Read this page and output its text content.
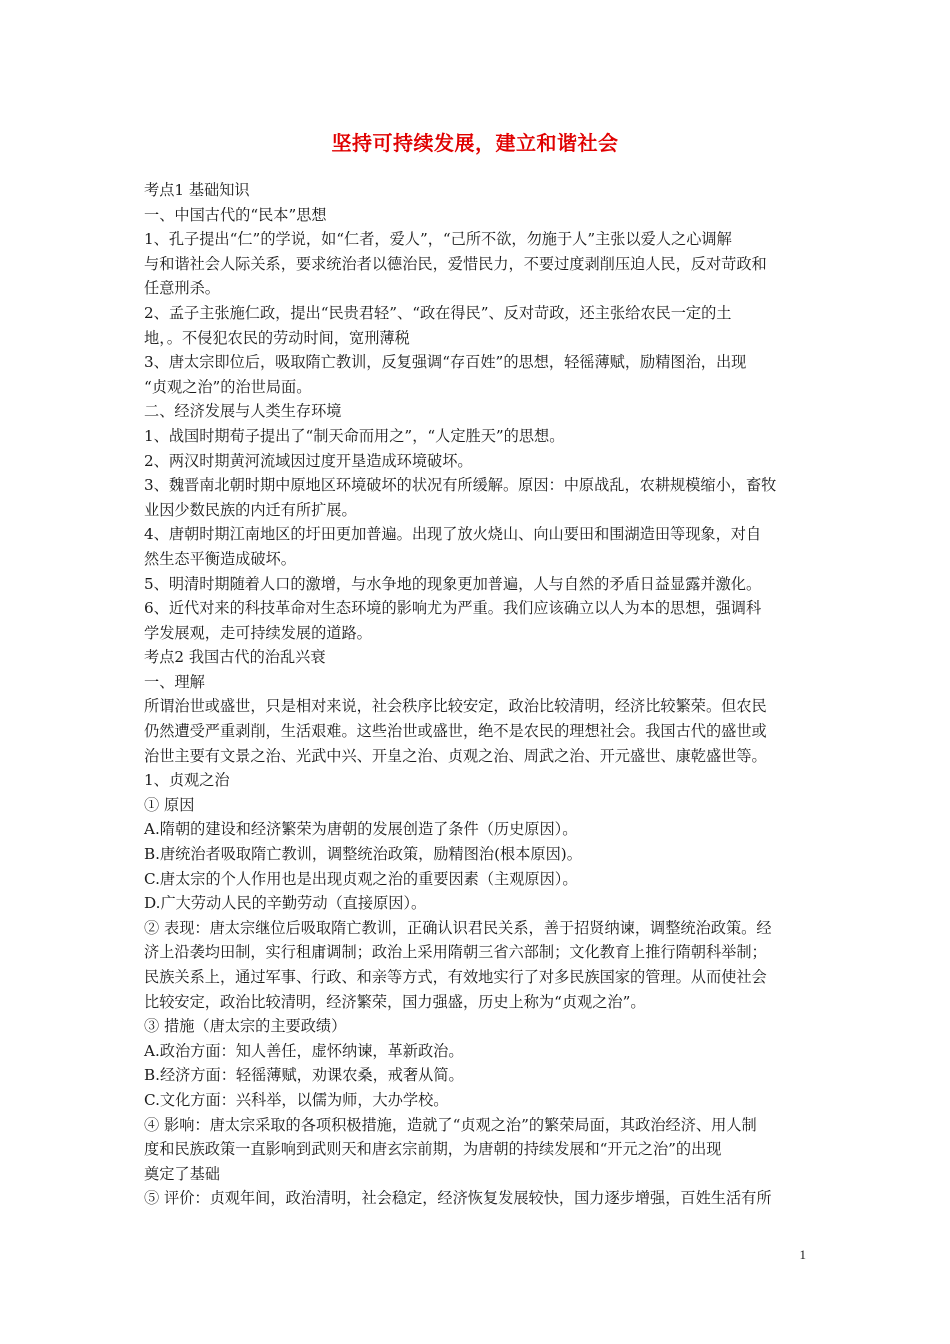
坚持可持续发展，建立和谐社会
考点1 基础知识
一、中国古代的“民本”思想
1、孔子提出“仁”的学说，如“仁者，爱人”，“己所不欲，勿施于人”主张以爱人之心调解
与和谐社会人际关系，要求统治者以德治民，爱惜民力，不要过度剥削压迫人民，反对苛政和
任意刑杀。
2、孟子主张施仁政，提出“民贵君轻”、“政在得民”、反对苛政，还主张给农民一定的土
地，。不侵犯农民的劳动时间，宽刑薄税
3、唐太宗即位后，吸取隋亡教训，反复强调“存百姓”的思想，轻徭薄赋，励精图治，出现
“贞观之治”的治世局面。
二、经济发展与人类生存环境
1、战国时期荀子提出了“制天命而用之”，“人定胜天”的思想。
2、两汉时期黄河流域因过度开垦造成环境破坏。
3、魏晋南北朝时期中原地区环境破坏的状况有所缓解。原因：中原战乱，农耕规模缩小，畜牧
业因少数民族的内迁有所扩展。
4、唐朝时期江南地区的圩田更加普遍。出现了放火烧山、向山要田和围湖造田等现象，对自
然生态平衡造成破坏。
5、明清时期随着人口的激增，与水争地的现象更加普遍，人与自然的矛盾日益显露并激化。
6、近代对来的科技革命对生态环境的影响尤为严重。我们应该确立以人为本的思想，强调科
学发展观，走可持续发展的道路。
考点2 我国古代的治乱兴衰
一、理解
所谓治世或盛世，只是相对来说，社会秩序比较安定，政治比较清明，经济比较繁荣。但农民
仍然遭受严重剥削，生活艰难。这些治世或盛世，绝不是农民的理想社会。我国古代的盛世或
治世主要有文景之治、光武中兴、开皇之治、贞观之治、周武之治、开元盛世、康乾盛世等。
1、贞观之治
① 原因
A.隋朝的建设和经济繁荣为唐朝的发展创造了条件（历史原因）。
B.唐统治者吸取隋亡教训，调整统治政策，励精图治(根本原因)。
C.唐太宗的个人作用也是出现贞观之治的重要因素（主观原因）。
D.广大劳动人民的辛勤劳动（直接原因）。
② 表现：唐太宗继位后吸取隋亡教训，正确认识君民关系，善于招贤纳谏，调整统治政策。经
济上沿袭均田制，实行租庸调制；政治上采用隋朝三省六部制；文化教育上推行隋朝科举制；
民族关系上，通过军事、行政、和亲等方式，有效地实行了对多民族国家的管理。从而使社会
比较安定，政治比较清明，经济繁荣，国力强盛，历史上称为“贞观之治”。
③ 措施（唐太宗的主要政绩）
A.政治方面：知人善任，虚怀纳谏，革新政治。
B.经济方面：轻徭薄赋，劝课农桑，戒奢从简。
C.文化方面：兴科举，以儒为师，大办学校。
④ 影响：唐太宗采取的各项积极措施，造就了“贞观之治”的繁荣局面，其政治经济、用人制
度和民族政策一直影响到武则天和唐玄宗前期，为唐朝的持续发展和“开元之治”的出现
奠定了基础
⑤ 评价：贞观年间，政治清明，社会稳定，经济恢复发展较快，国力逐步增强，百姓生活有所
1
